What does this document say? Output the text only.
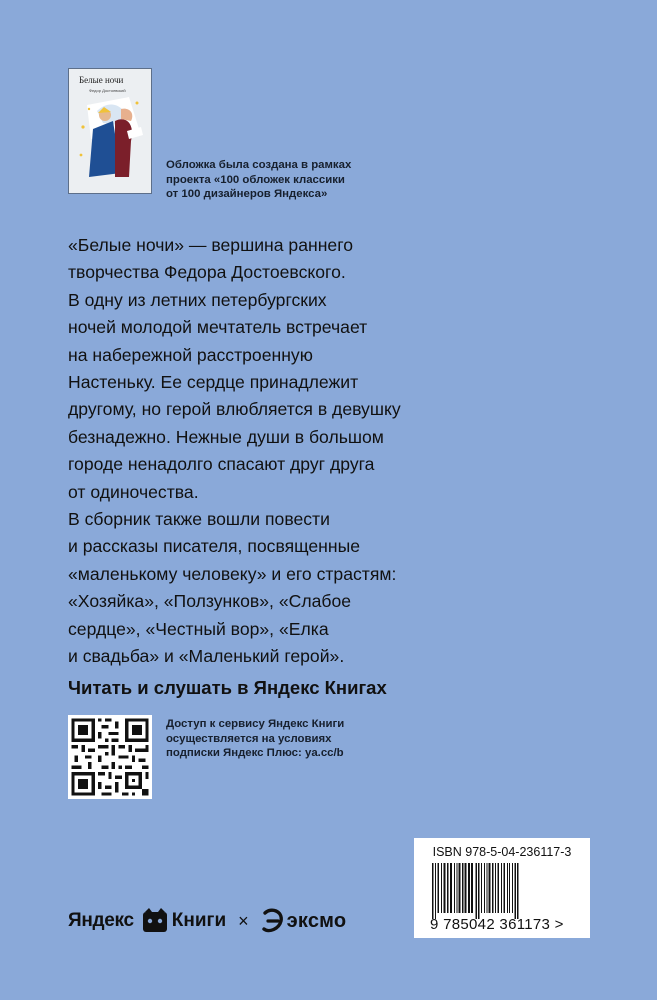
Белые ночи
Федор Достоевский
Обложка была создана в рамках
проекта «100 обложек классики
от 100 дизайнеров Яндекса»

«Белые ночи» — вершина раннего

творчества Федора Достоевского.

В одну из летних петербургских

ночей молодой мечтатель встречает

на набережной расстроенную

Настеньку. Ее сердце принадлежит

другому, но герой влюбляется в девушку

безнадежно. Нежные души в большом

городе ненадолго спасают друг друга

от одиночества.

В сборник также вошли повести

и рассказы писателя, посвященные

«маленькому человеку» и его страстям:

«Хозяйка», «Ползунков», «Слабое

сердце», «Честный вор», «Елка

и свадьба» и «Маленький герой».

Читать и слушать в Яндекс Книгах
Доступ к сервису Яндекс Книги
осуществляется на условиях
подписки Яндекс Плюс: ya.cc/b
ISBN 978-5-04-236117-3
9 785042 361173 >
Яндекс Книги × эксмо
